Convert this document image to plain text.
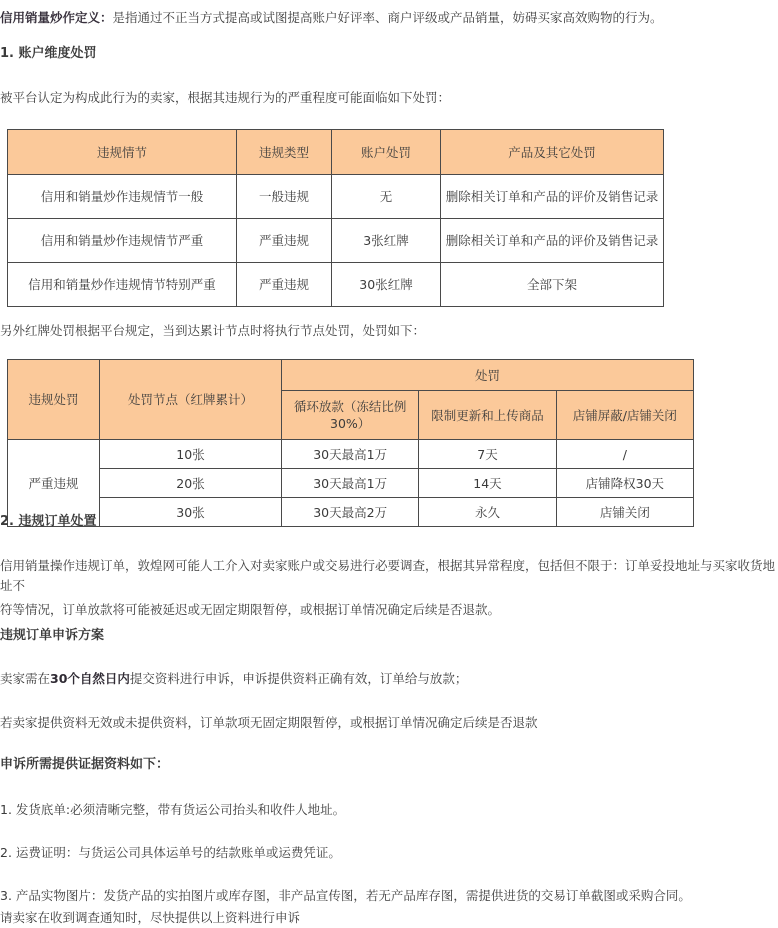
信用销量炒作定义：是指通过不正当方式提高或试图提高账户好评率、商户评级或产品销量，妨碍买家高效购物的行为。

1. 账户维度处罚

被平台认定为构成此行为的卖家，根据其违规行为的严重程度可能面临如下处罚：

违规情节	违规类型	账户处罚	产品及其它处罚
信用和销量炒作违规情节一般	一般违规	无	删除相关订单和产品的评价及销售记录
信用和销量炒作违规情节严重	严重违规	3张红牌	删除相关订单和产品的评价及销售记录
信用和销量炒作违规情节特别严重	严重违规	30张红牌	全部下架

另外红牌处罚根据平台规定，当到达累计节点时将执行节点处罚，处罚如下：

违规处罚	处罚节点（红牌累计）	处罚		
		循环放款（冻结比例30%）	限制更新和上传商品	店铺屏蔽/店铺关闭
严重违规	10张	30天最高1万	7天	/
	20张	30天最高1万	14天	店铺降权30天
	30张	30天最高2万	永久	店铺关闭

2. 违规订单处置

信用销量操作违规订单，敦煌网可能人工介入对卖家账户或交易进行必要调查，根据其异常程度，包括但不限于：订单妥投地址与买家收货地址不

符等情况，订单放款将可能被延迟或无固定期限暂停，或根据订单情况确定后续是否退款。

违规订单申诉方案

卖家需在30个自然日内提交资料进行申诉，申诉提供资料正确有效，订单给与放款；

若卖家提供资料无效或未提供资料，订单款项无固定期限暂停，或根据订单情况确定后续是否退款

申诉所需提供证据资料如下：

1. 发货底单:必须清晰完整，带有货运公司抬头和收件人地址。

2. 运费证明：与货运公司具体运单号的结款账单或运费凭证。

3. 产品实物图片：发货产品的实拍图片或库存图，非产品宣传图，若无产品库存图，需提供进货的交易订单截图或采购合同。

请卖家在收到调查通知时，尽快提供以上资料进行申诉
